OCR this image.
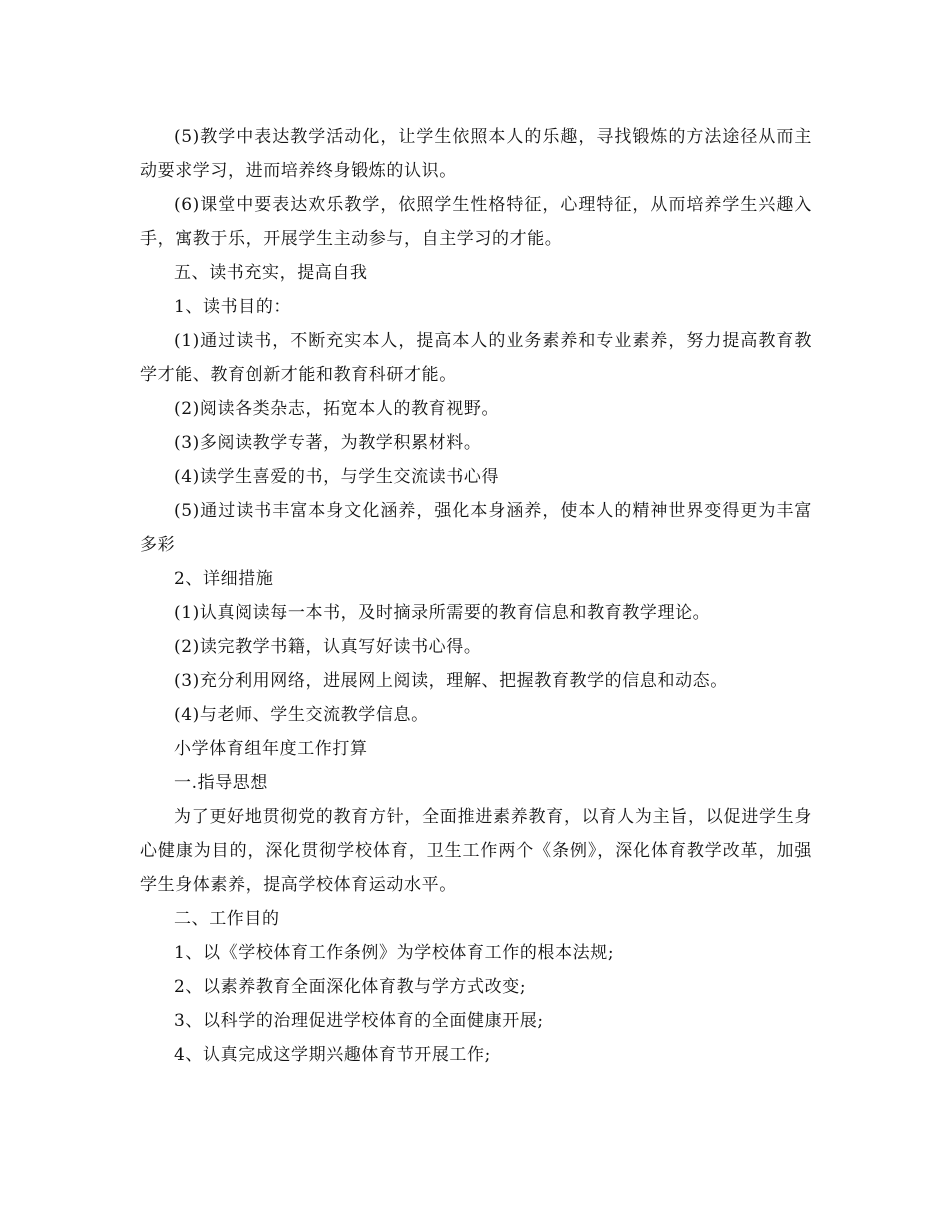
(5)教学中表达教学活动化，让学生依照本人的乐趣，寻找锻炼的方法途径从而主动要求学习，进而培养终身锻炼的认识。

(6)课堂中要表达欢乐教学，依照学生性格特征，心理特征，从而培养学生兴趣入手，寓教于乐，开展学生主动参与，自主学习的才能。

五、读书充实，提高自我

1、读书目的：

(1)通过读书，不断充实本人，提高本人的业务素养和专业素养，努力提高教育教学才能、教育创新才能和教育科研才能。

(2)阅读各类杂志，拓宽本人的教育视野。

(3)多阅读教学专著，为教学积累材料。

(4)读学生喜爱的书，与学生交流读书心得

(5)通过读书丰富本身文化涵养，强化本身涵养，使本人的精神世界变得更为丰富多彩

2、详细措施

(1)认真阅读每一本书，及时摘录所需要的教育信息和教育教学理论。

(2)读完教学书籍，认真写好读书心得。

(3)充分利用网络，进展网上阅读，理解、把握教育教学的信息和动态。

(4)与老师、学生交流教学信息。

小学体育组年度工作打算

一.指导思想

为了更好地贯彻党的教育方针，全面推进素养教育，以育人为主旨，以促进学生身心健康为目的，深化贯彻学校体育，卫生工作两个《条例》，深化体育教学改革，加强学生身体素养，提高学校体育运动水平。

二、工作目的

1、以《学校体育工作条例》为学校体育工作的根本法规;

2、以素养教育全面深化体育教与学方式改变;

3、以科学的治理促进学校体育的全面健康开展;

4、认真完成这学期兴趣体育节开展工作;
